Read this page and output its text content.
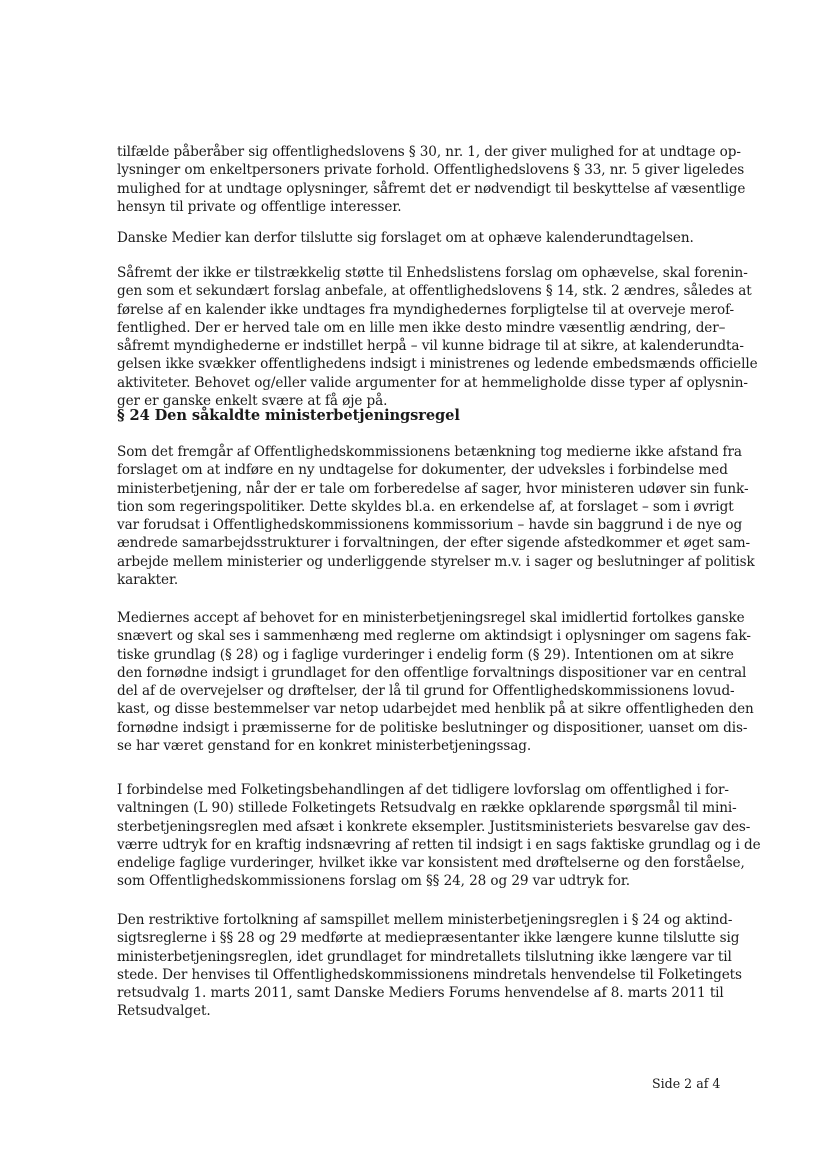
tilfælde påberåber sig offentlighedslovens § 30, nr. 1, der giver mulighed for at undtage op-
lysninger om enkeltpersoners private forhold. Offentlighedslovens § 33, nr. 5 giver ligeledes
mulighed for at undtage oplysninger, såfremt det er nødvendigt til beskyttelse af væsentlige
hensyn til private og offentlige interesser.

Danske Medier kan derfor tilslutte sig forslaget om at ophæve kalenderundtagelsen.

Såfremt der ikke er tilstrækkelig støtte til Enhedslistens forslag om ophævelse, skal forenin-
gen som et sekundært forslag anbefale, at offentlighedslovens § 14, stk. 2 ændres, således at
førelse af en kalender ikke undtages fra myndighedernes forpligtelse til at overveje merof-
fentlighed. Der er herved tale om en lille men ikke desto mindre væsentlig ændring, der–
såfremt myndighederne er indstillet herpå – vil kunne bidrage til at sikre, at kalenderundta-
gelsen ikke svækker offentlighedens indsigt i ministrenes og ledende embedsmænds officielle
aktiviteter. Behovet og/eller valide argumenter for at hemmeligholde disse typer af oplysnin-
ger er ganske enkelt svære at få øje på.

§ 24 Den såkaldte ministerbetjeningsregel

Som det fremgår af Offentlighedskommissionens betænkning tog medierne ikke afstand fra
forslaget om at indføre en ny undtagelse for dokumenter, der udveksles i forbindelse med
ministerbetjening, når der er tale om forberedelse af sager, hvor ministeren udøver sin funk-
tion som regeringspolitiker. Dette skyldes bl.a. en erkendelse af, at forslaget – som i øvrigt
var forudsat i Offentlighedskommissionens kommissorium – havde sin baggrund i de nye og
ændrede samarbejdsstrukturer i forvaltningen, der efter sigende afstedkommer et øget sam-
arbejde mellem ministerier og underliggende styrelser m.v. i sager og beslutninger af politisk
karakter.

Mediernes accept af behovet for en ministerbetjeningsregel skal imidlertid fortolkes ganske
snævert og skal ses i sammenhæng med reglerne om aktindsigt i oplysninger om sagens fak-
tiske grundlag (§ 28) og i faglige vurderinger i endelig form (§ 29). Intentionen om at sikre
den fornødne indsigt i grundlaget for den offentlige forvaltnings dispositioner var en central
del af de overvejelser og drøftelser, der lå til grund for Offentlighedskommissionens lovud-
kast, og disse bestemmelser var netop udarbejdet med henblik på at sikre offentligheden den
fornødne indsigt i præmisserne for de politiske beslutninger og dispositioner, uanset om dis-
se har været genstand for en konkret ministerbetjeningssag.

I forbindelse med Folketingsbehandlingen af det tidligere lovforslag om offentlighed i for-
valtningen (L 90) stillede Folketingets Retsudvalg en række opklarende spørgsmål til mini-
sterbetjeningsreglen med afsæt i konkrete eksempler. Justitsministeriets besvarelse gav des-
værre udtryk for en kraftig indsnævring af retten til indsigt i en sags faktiske grundlag og i de
endelige faglige vurderinger, hvilket ikke var konsistent med drøftelserne og den forståelse,
som Offentlighedskommissionens forslag om §§ 24, 28 og 29 var udtryk for.

Den restriktive fortolkning af samspillet mellem ministerbetjeningsreglen i § 24 og aktind-
sigtsreglerne i §§ 28 og 29 medførte at mediepræsentanter ikke længere kunne tilslutte sig
ministerbetjeningsreglen, idet grundlaget for mindretallets tilslutning ikke længere var til
stede. Der henvises til Offentlighedskommissionens mindretals henvendelse til Folketingets
retsudvalg 1. marts 2011, samt Danske Mediers Forums henvendelse af 8. marts 2011 til
Retsudvalget.

Side 2 af 4
